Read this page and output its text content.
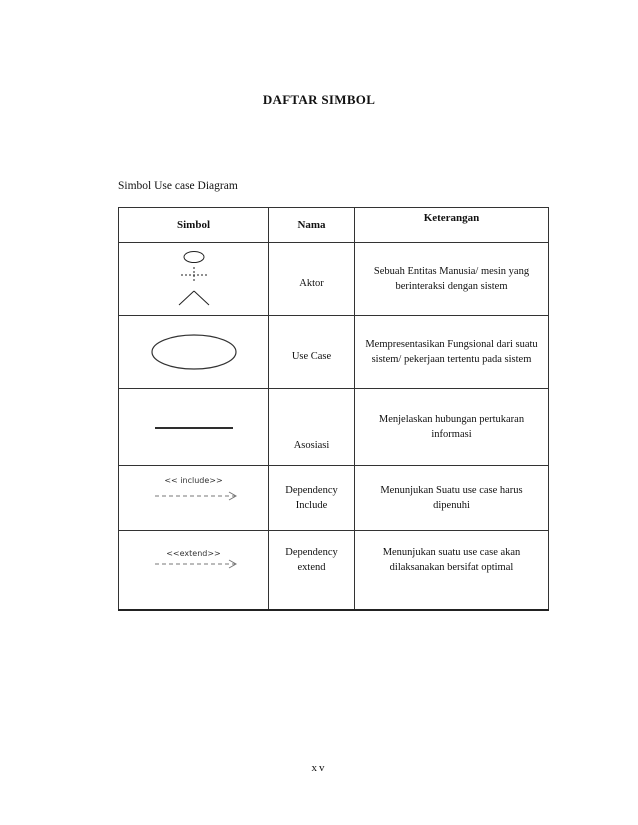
DAFTAR SIMBOL
Simbol Use case Diagram
Simbol	Nama	Keterangan

	Aktor	Sebuah Entitas Manusia/ mesin yang berinteraksi dengan sistem

	Use Case	Mempresentasikan Fungsional dari suatu sistem/ pekerjaan tertentu pada sistem

	Asosiasi	Menjelaskan hubungan pertukaran informasi

<< include>>	Dependency Include	Menunjukan Suatu use case harus dipenuhi

<<extend>>	Dependency extend	Menunjukan suatu use case akan dilaksanakan bersifat optimal
xv
